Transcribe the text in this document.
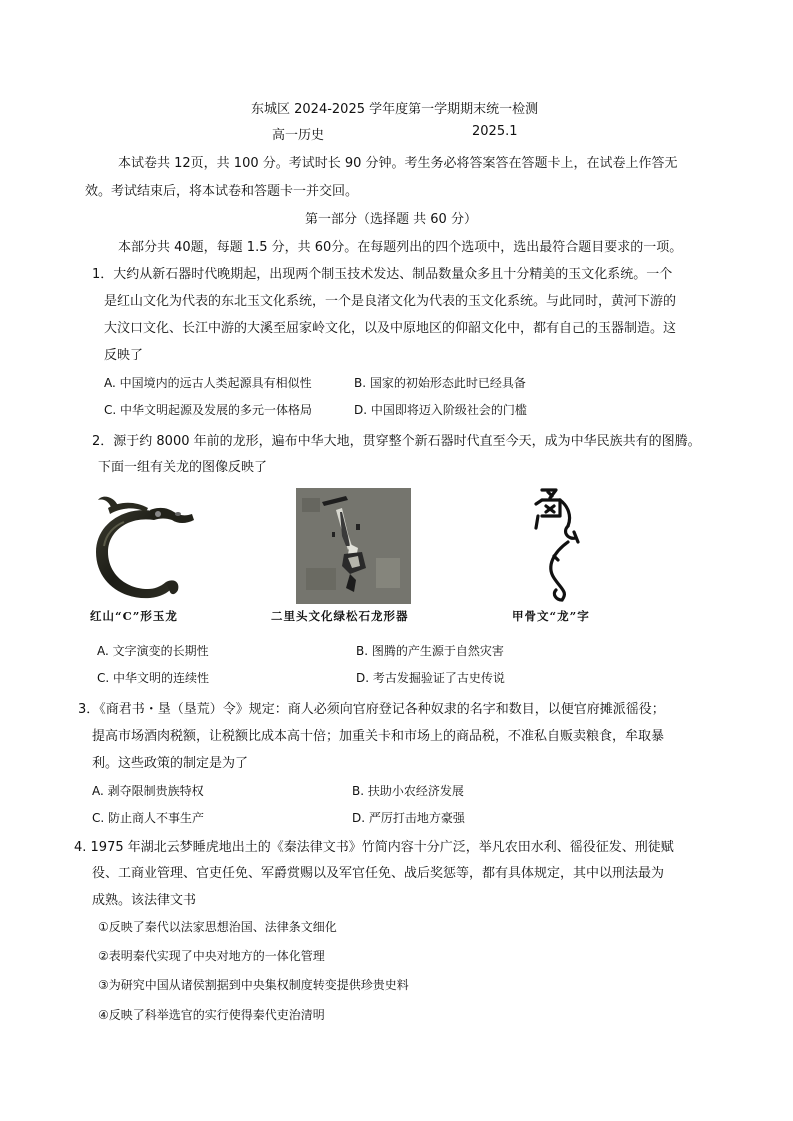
东城区 2024-2025 学年度第一学期期末统一检测
高一历史	2025.1
本试卷共 12页，共 100 分。考试时长 90 分钟。考生务必将答案答在答题卡上，在试卷上作答无
效。考试结束后，将本试卷和答题卡一并交回。
第一部分（选择题 共 60 分）
本部分共 40题，每题 1.5 分，共 60分。在每题列出的四个选项中，选出最符合题目要求的一项。
1．大约从新石器时代晚期起，出现两个制玉技术发达、制品数量众多且十分精美的玉文化系统。一个
是红山文化为代表的东北玉文化系统，一个是良渚文化为代表的玉文化系统。与此同时，黄河下游的
大汶口文化、长江中游的大溪至屈家岭文化，以及中原地区的仰韶文化中，都有自己的玉器制造。这
反映了
A. 中国境内的远古人类起源具有相似性	B. 国家的初始形态此时已经具备
C. 中华文明起源及发展的多元一体格局	D. 中国即将迈入阶级社会的门槛
2．源于约 8000 年前的龙形，遍布中华大地，贯穿整个新石器时代直至今天，成为中华民族共有的图腾。
下面一组有关龙的图像反映了
红山“C”形玉龙	二里头文化绿松石龙形器	甲骨文“龙”字
A. 文字演变的长期性	B. 图腾的产生源于自然灾害
C. 中华文明的连续性	D. 考古发掘验证了古史传说
3．《商君书・垦（垦荒）令》规定：商人必须向官府登记各种奴隶的名字和数目，以便官府摊派徭役；
提高市场酒肉税额，让税额比成本高十倍；加重关卡和市场上的商品税，不准私自贩卖粮食，牟取暴
利。这些政策的制定是为了
A. 剥夺限制贵族特权	B. 扶助小农经济发展
C. 防止商人不事生产	D. 严厉打击地方豪强
4. 1975 年湖北云梦睡虎地出土的《秦法律文书》竹简内容十分广泛，举凡农田水利、徭役征发、刑徒赋
役、工商业管理、官吏任免、军爵赏赐以及军官任免、战后奖惩等，都有具体规定，其中以刑法最为
成熟。该法律文书
①反映了秦代以法家思想治国、法律条文细化
②表明秦代实现了中央对地方的一体化管理
③为研究中国从诸侯割据到中央集权制度转变提供珍贵史料
④反映了科举选官的实行使得秦代吏治清明
